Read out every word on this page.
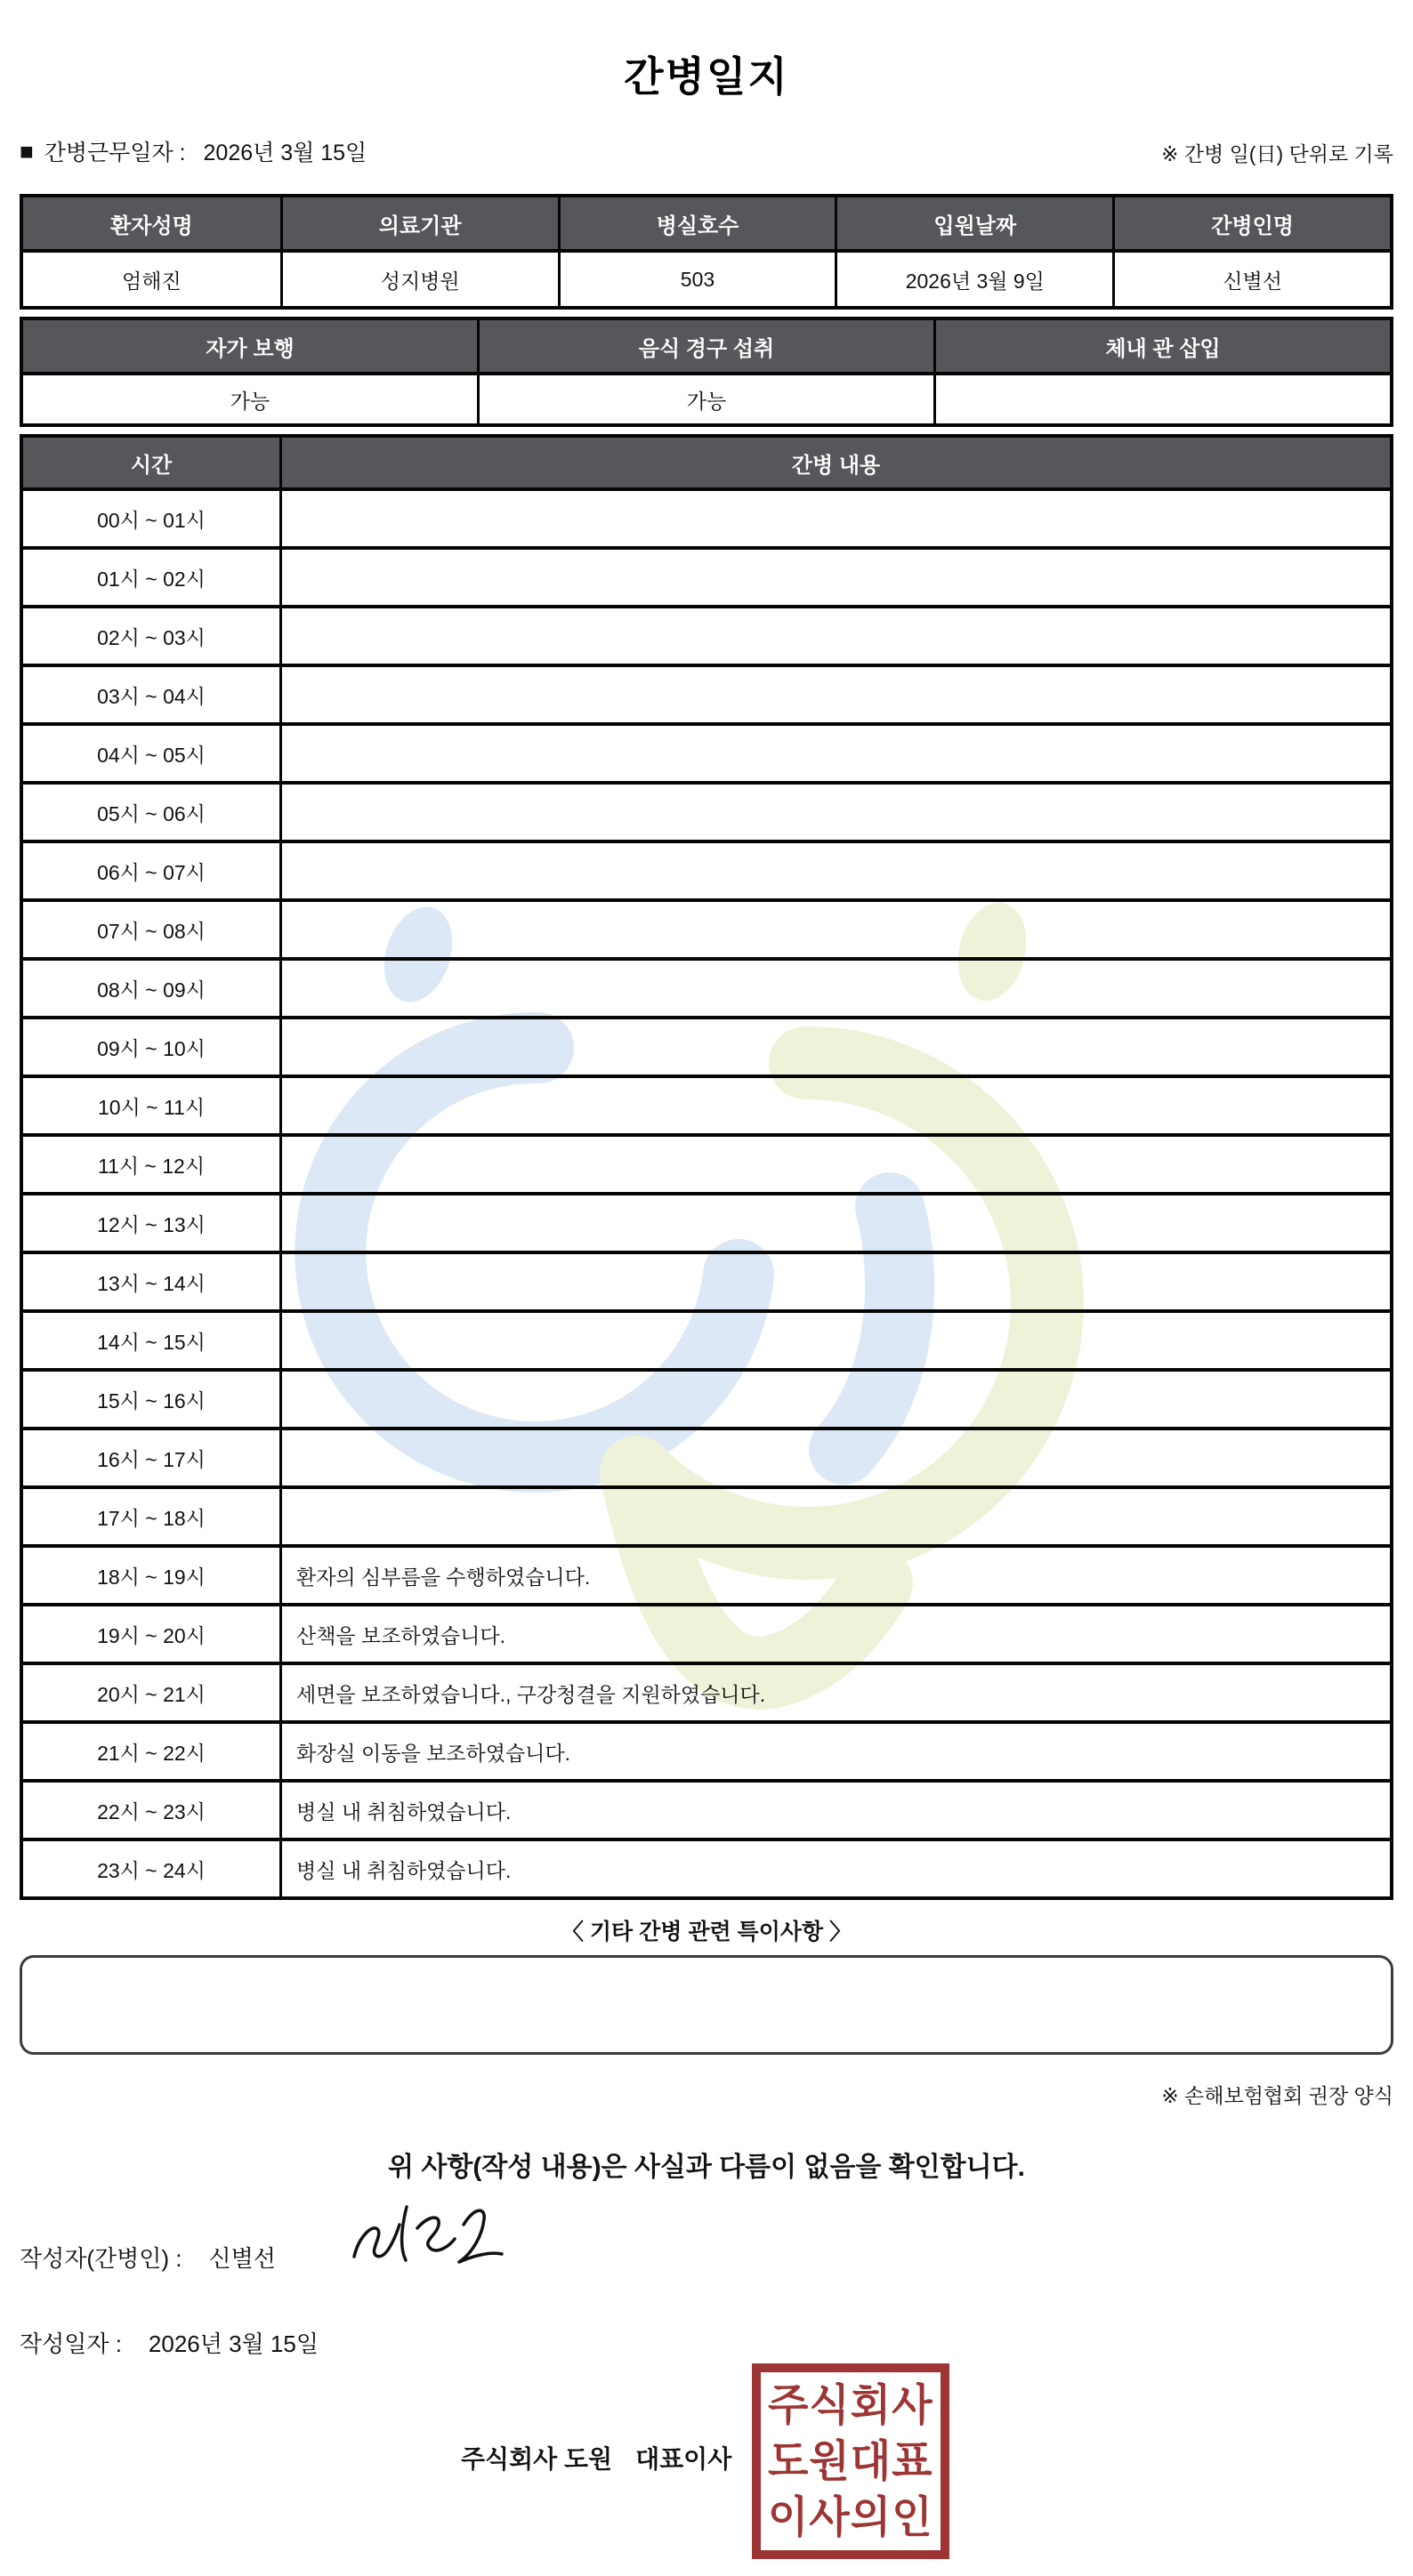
간병일지
■ 간병근무일자 : 2026년 3월 15일	※ 간병 일(日) 단위로 기록
환자성명	의료기관	병실호수	입원날짜	간병인명
엄해진	성지병원	503	2026년 3월 9일	신별선
자가 보행	음식 경구 섭취	체내 관 삽입
가능	가능
시간	간병 내용
00시 ~ 01시
01시 ~ 02시
02시 ~ 03시
03시 ~ 04시
04시 ~ 05시
05시 ~ 06시
06시 ~ 07시
07시 ~ 08시
08시 ~ 09시
09시 ~ 10시
10시 ~ 11시
11시 ~ 12시
12시 ~ 13시
13시 ~ 14시
14시 ~ 15시
15시 ~ 16시
16시 ~ 17시
17시 ~ 18시
18시 ~ 19시	환자의 심부름을 수행하였습니다.
19시 ~ 20시	산책을 보조하였습니다.
20시 ~ 21시	세면을 보조하였습니다., 구강청결을 지원하였습니다.
21시 ~ 22시	화장실 이동을 보조하였습니다.
22시 ~ 23시	병실 내 취침하였습니다.
23시 ~ 24시	병실 내 취침하였습니다.
〈 기타 간병 관련 특이사항 〉
※ 손해보험협회 권장 양식
위 사항(작성 내용)은 사실과 다름이 없음을 확인합니다.
작성자(간병인) : 신별선
작성일자 : 2026년 3월 15일
주식회사 도원 대표이사
주식회사
도원대표
이사의인
